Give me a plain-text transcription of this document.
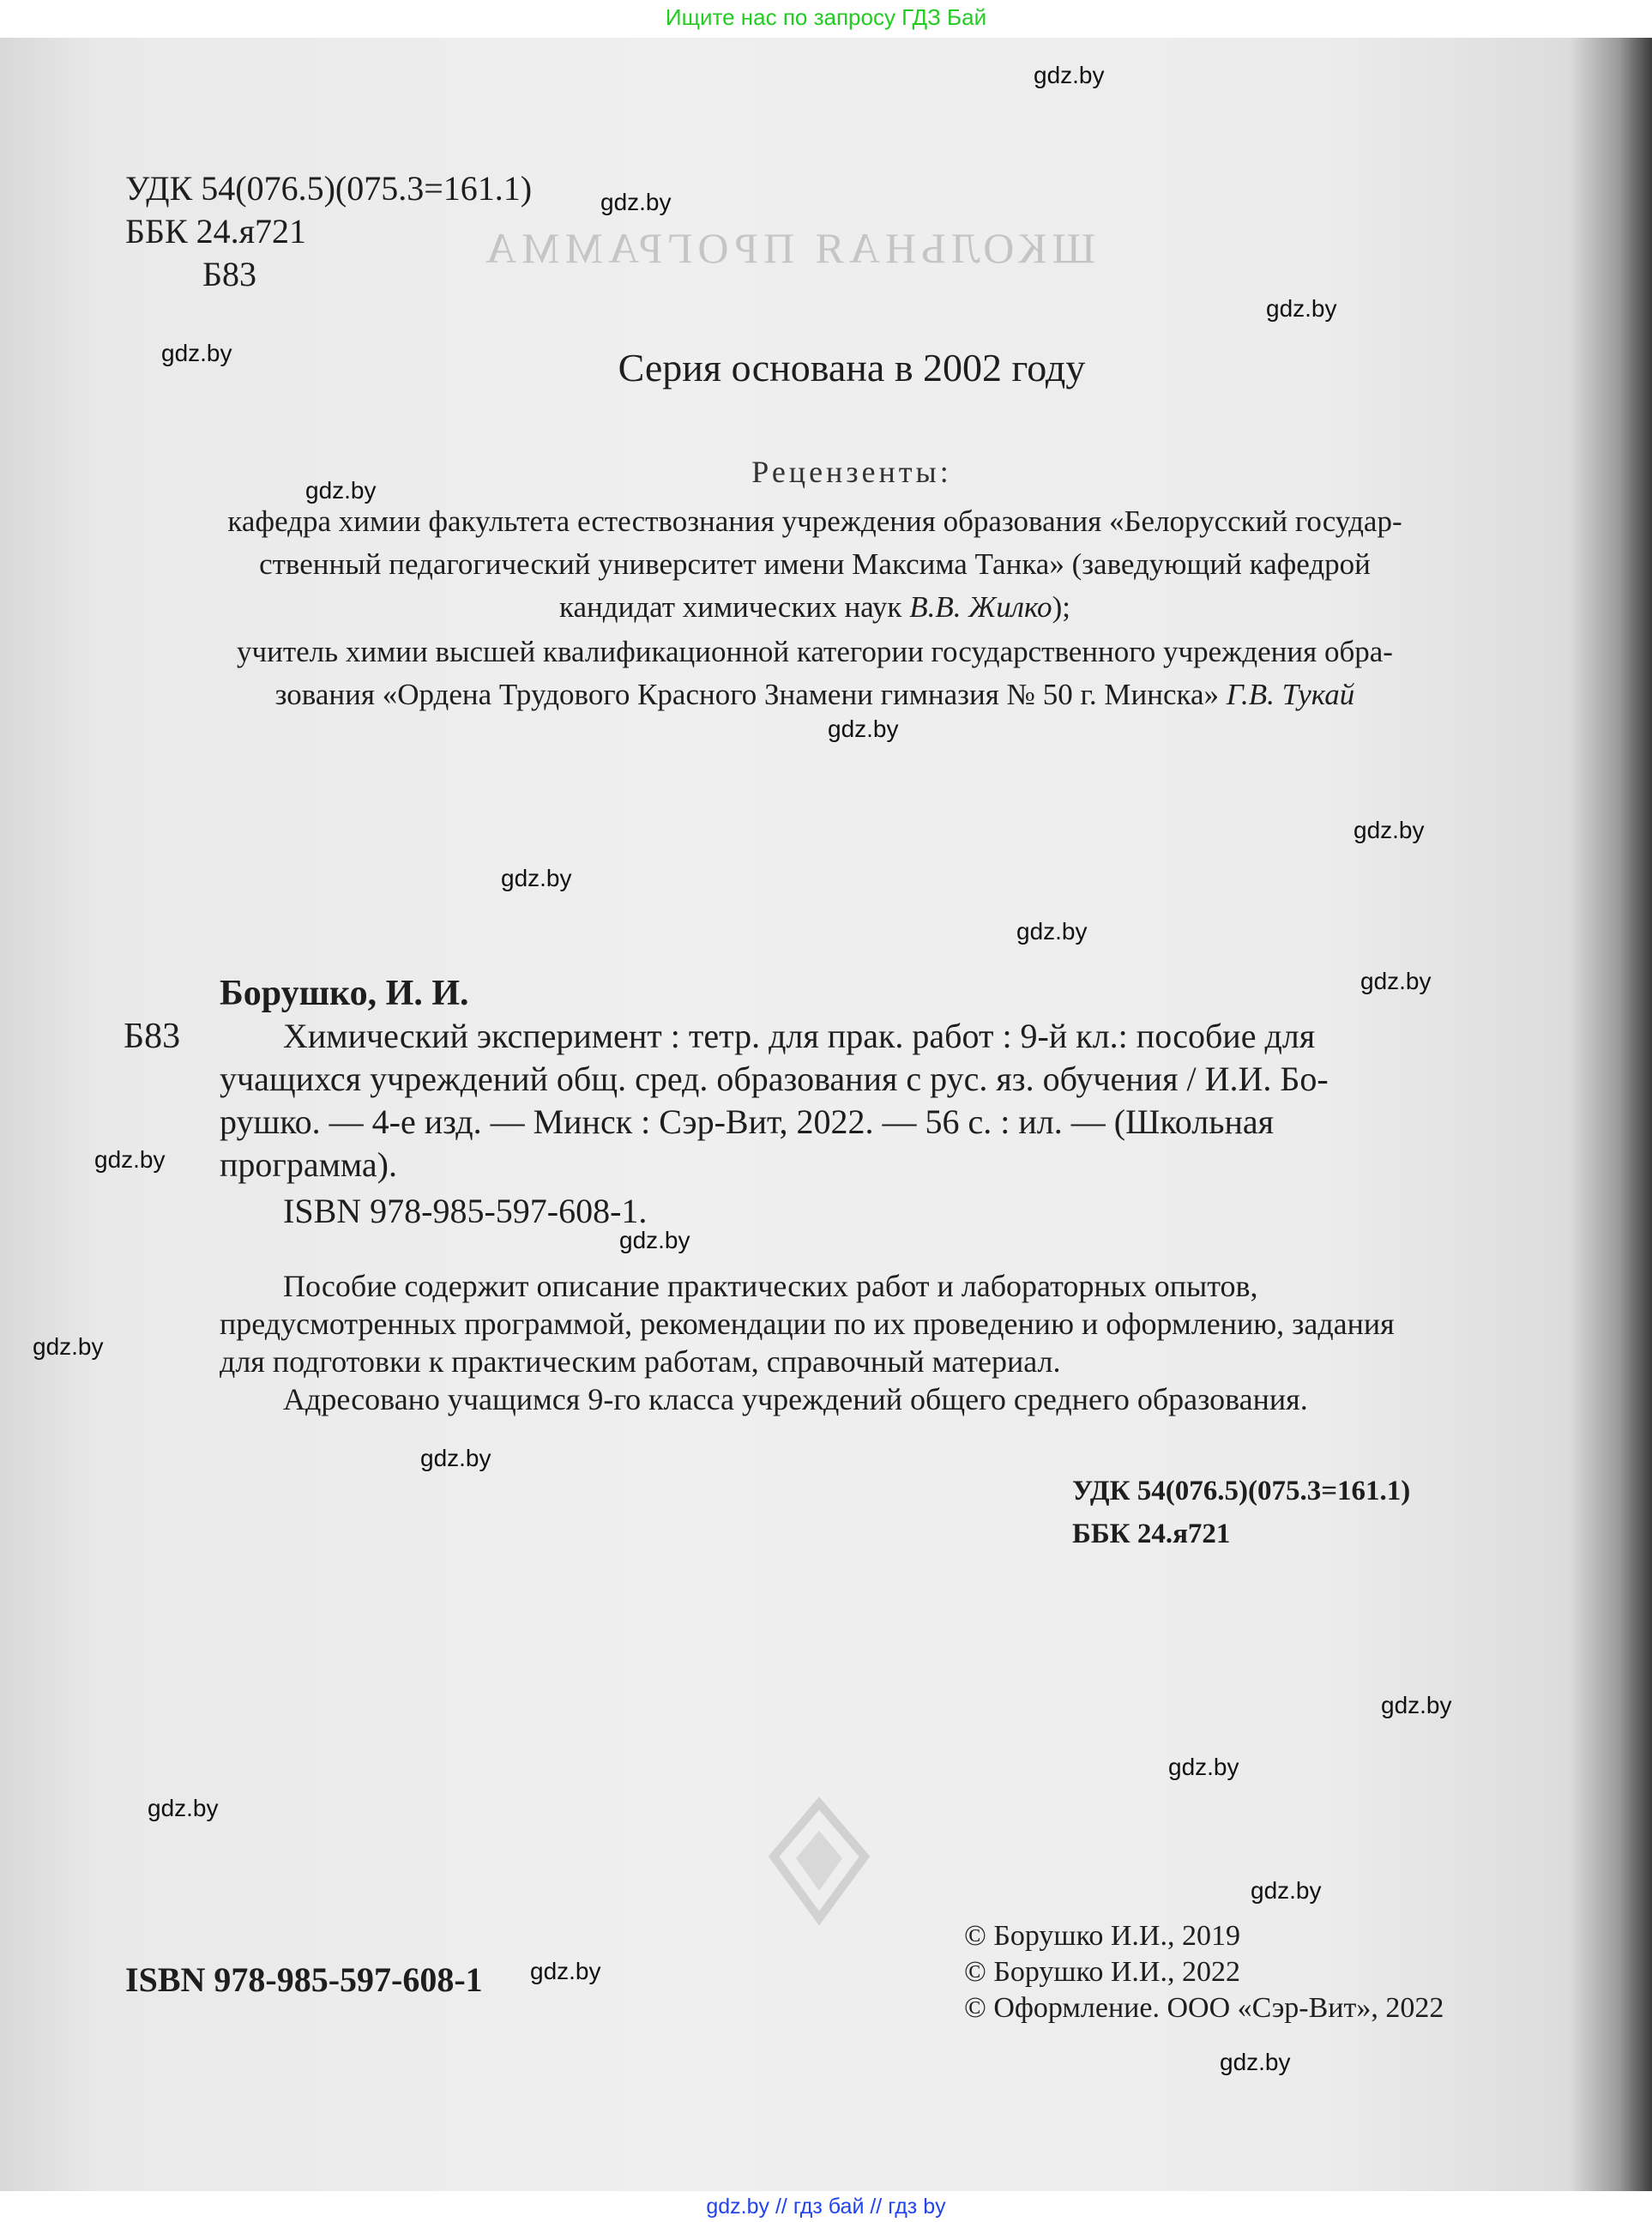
Ищите нас по запросу ГДЗ Бай
ШКОЛЬНАЯ ПРОГРАММА
УДК 54(076.5)(075.3=161.1)
ББК 24.я721
Б83
Серия основана в 2002 году
Рецензенты:
кафедра химии факультета естествознания учреждения образования «Белорусский государ-
ственный педагогический университет имени Максима Танка» (заведующий кафедрой
кандидат химических наук В.В. Жилко);
учитель химии высшей квалификационной категории государственного учреждения обра-
зования «Ордена Трудового Красного Знамени гимназия № 50 г. Минска» Г.В. Тукай
Борушко, И. И.
Б83	Химический эксперимент : тетр. для прак. работ : 9-й кл.: пособие для
учащихся учреждений общ. сред. образования с рус. яз. обучения / И.И. Бо-
рушко. — 4-е изд. — Минск : Сэр-Вит, 2022. — 56 с. : ил. — (Школьная
программа).
ISBN 978-985-597-608-1.
Пособие содержит описание практических работ и лабораторных опытов,
предусмотренных программой, рекомендации по их проведению и оформлению, задания
для подготовки к практическим работам, справочный материал.
Адресовано учащимся 9-го класса учреждений общего среднего образования.
УДК 54(076.5)(075.3=161.1)
ББК 24.я721
ISBN 978-985-597-608-1
© Борушко И.И., 2019
© Борушко И.И., 2022
© Оформление. ООО «Сэр-Вит», 2022
gdz.by
gdz.by
gdz.by
gdz.by
gdz.by
gdz.by
gdz.by
gdz.by
gdz.by
gdz.by
gdz.by
gdz.by
gdz.by
gdz.by
gdz.by
gdz.by
gdz.by
gdz.by
gdz.by
gdz.by
gdz.by // гдз бай // гдз by
